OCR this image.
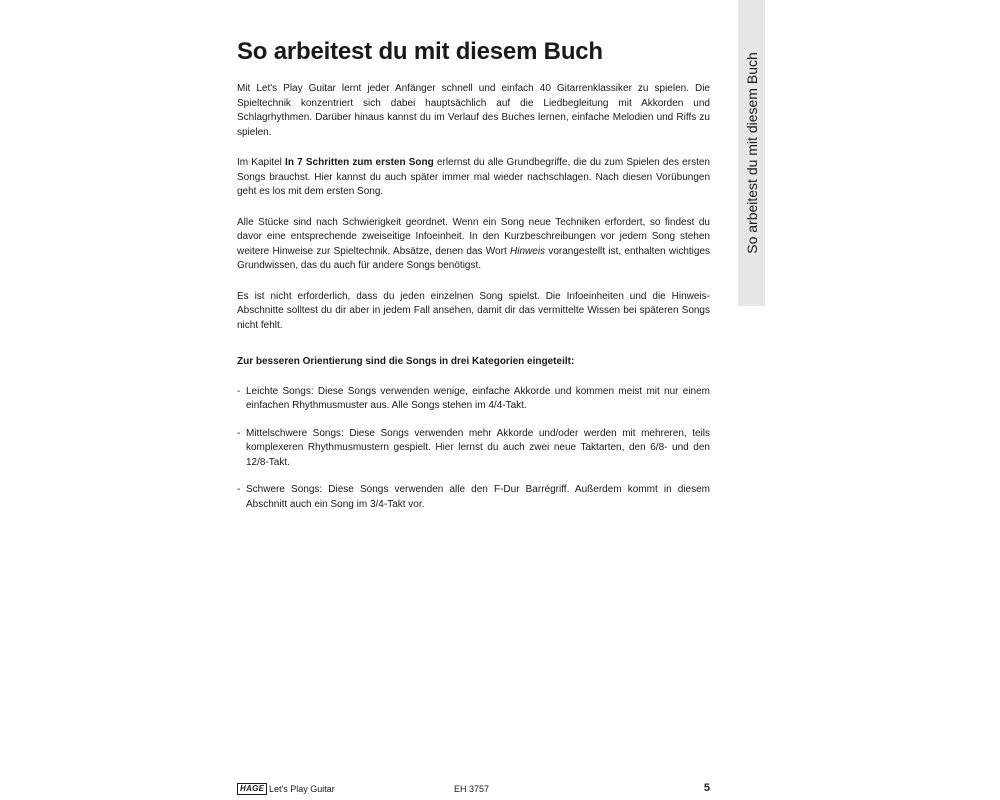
So arbeitest du mit diesem Buch
So arbeitest du mit diesem Buch

Mit Let's Play Guitar lernt jeder Anfänger schnell und einfach 40 Gitarrenklassiker zu spielen. Die Spieltechnik konzentriert sich dabei hauptsächlich auf die Liedbegleitung mit Akkorden und Schlagrhythmen. Darüber hinaus kannst du im Verlauf des Buches lernen, einfache Melodien und Riffs zu spielen.

Im Kapitel In 7 Schritten zum ersten Song erlernst du alle Grundbegriffe, die du zum Spielen des ersten Songs brauchst. Hier kannst du auch später immer mal wieder nachschlagen. Nach diesen Vorübungen geht es los mit dem ersten Song.

Alle Stücke sind nach Schwierigkeit geordnet. Wenn ein Song neue Techniken erfordert, so findest du davor eine entsprechende zweiseitige Infoeinheit. In den Kurzbeschreibungen vor jedem Song stehen weitere Hinweise zur Spieltechnik. Absätze, denen das Wort Hinweis vorangestellt ist, enthalten wichtiges Grundwissen, das du auch für andere Songs benötigst.

Es ist nicht erforderlich, dass du jeden einzelnen Song spielst. Die Infoeinheiten und die Hinweis-Abschnitte solltest du dir aber in jedem Fall ansehen, damit dir das vermittelte Wissen bei späteren Songs nicht fehlt.

Zur besseren Orientierung sind die Songs in drei Kategorien eingeteilt:
- Leichte Songs: Diese Songs verwenden wenige, einfache Akkorde und kommen meist mit nur einem einfachen Rhythmusmuster aus. Alle Songs stehen im 4/4-Takt.
- Mittelschwere Songs: Diese Songs verwenden mehr Akkorde und/oder werden mit mehreren, teils komplexeren Rhythmusmustern gespielt. Hier lernst du auch zwei neue Taktarten, den 6/8- und den 12/8-Takt.
- Schwere Songs: Diese Songs verwenden alle den F-Dur Barrégriff. Außerdem kommt in diesem Abschnitt auch ein Song im 3/4-Takt vor.
HAGE Let's Play Guitar	EH 3757	5
